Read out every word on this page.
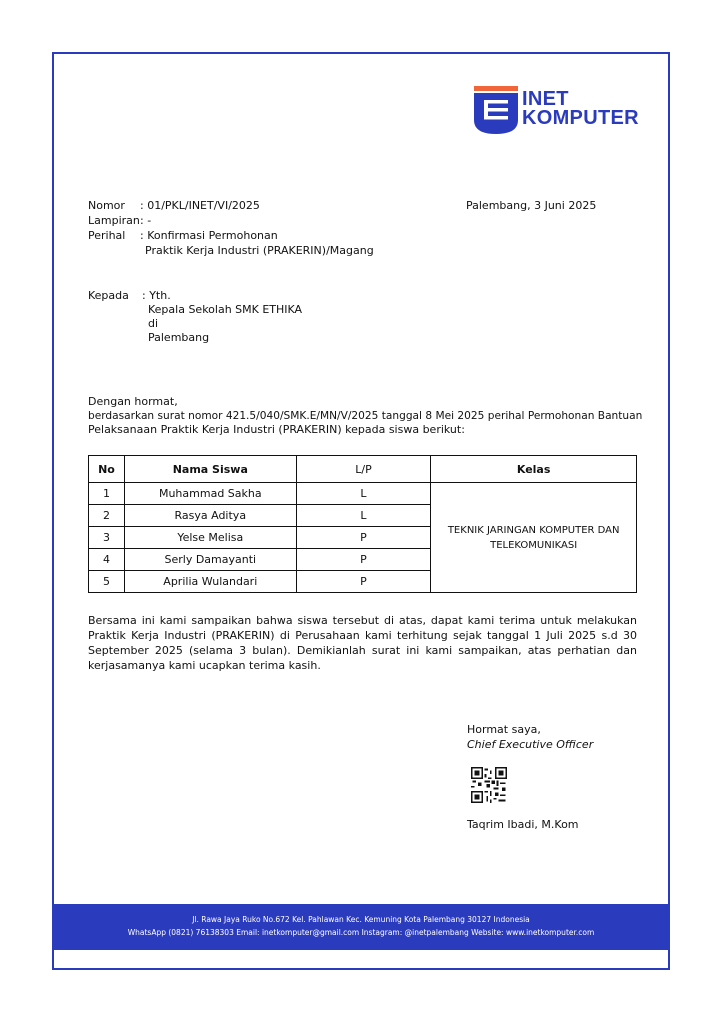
INET
KOMPUTER
Nomor : 01/PKL/INET/VI/2025
Lampiran : -
Perihal : Konfirmasi Permohonan
Praktik Kerja Industri (PRAKERIN)/Magang
Palembang, 3 Juni 2025
Kepada : Yth.
Kepala Sekolah SMK ETHIKA
di
Palembang
Dengan hormat,
berdasarkan surat nomor 421.5/040/SMK.E/MN/V/2025 tanggal 8 Mei 2025 perihal Permohonan Bantuan
Pelaksanaan Praktik Kerja Industri (PRAKERIN) kepada siswa berikut:
No	Nama Siswa	L/P	Kelas
1	Muhammad Sakha	L	TEKNIK JARINGAN KOMPUTER DAN
TELEKOMUNIKASI

2	Rasya Aditya	L	
3	Yelse Melisa	P	
4	Serly Damayanti	P	
5	Aprilia Wulandari	P	
Bersama ini kami sampaikan bahwa siswa tersebut di atas, dapat kami terima untuk melakukan Praktik Kerja Industri (PRAKERIN) di Perusahaan kami terhitung sejak tanggal 1 Juli 2025 s.d 30 September 2025 (selama 3 bulan). Demikianlah surat ini kami sampaikan, atas perhatian dan kerjasamanya kami ucapkan terima kasih.
Hormat saya,
Chief Executive Officer
Taqrim Ibadi, M.Kom
Jl. Rawa Jaya Ruko No.672 Kel. Pahlawan Kec. Kemuning Kota Palembang 30127 Indonesia
WhatsApp (0821) 76138303 Email: inetkomputer@gmail.com Instagram: @inetpalembang Website: www.inetkomputer.com
